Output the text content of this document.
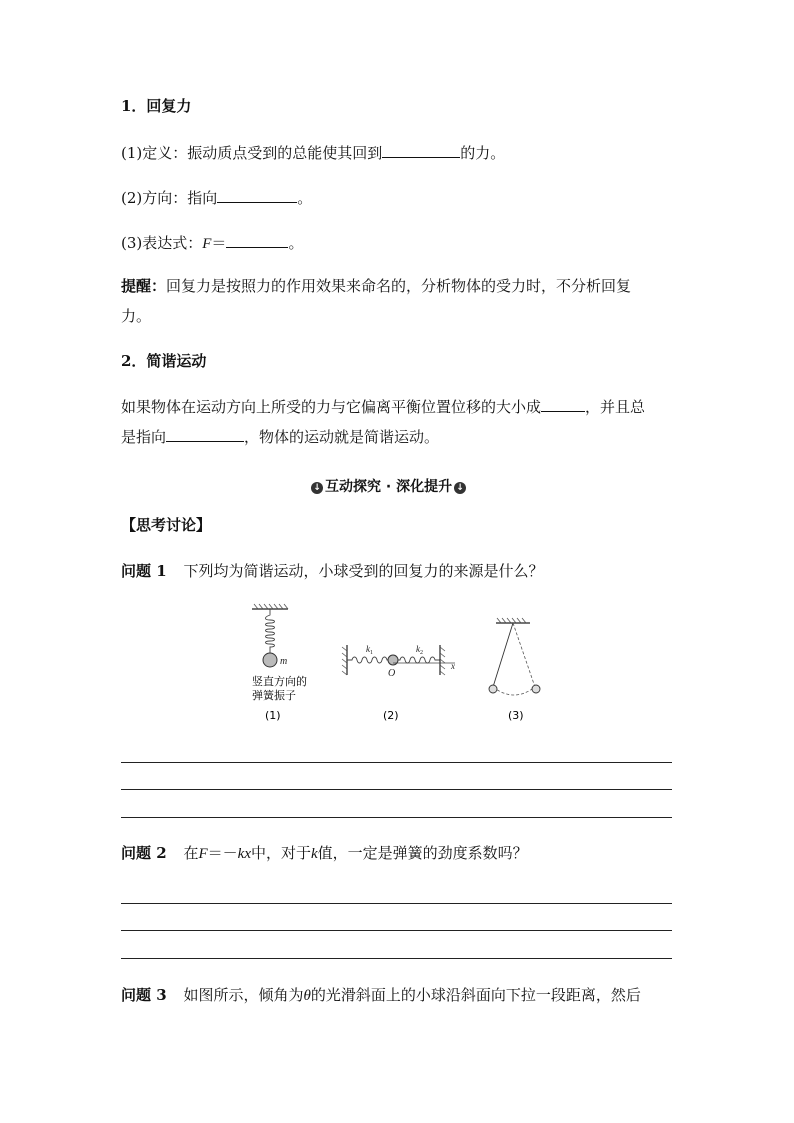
1．回复力
(1)定义：振动质点受到的总能使其回到	的力。
(2)方向：指向	。
(3)表达式：F＝	。
提醒：回复力是按照力的作用效果来命名的，分析物体的受力时，不分析回复
力。
2．简谐运动
如果物体在运动方向上所受的力与它偏离平衡位置位移的大小成	，并且总
是指向	，物体的运动就是简谐运动。
↓ 互动探究 · 深化提升 ↓
【思考讨论】
问题 1 下列均为简谐运动，小球受到的回复力的来源是什么？
m
竖直方向的
弹簧振子
(1)
$k_1$	$k_2$
O
x
(2)	(3)
问题 2 在F＝－kx中，对于k值，一定是弹簧的劲度系数吗？
问题 3 如图所示，倾角为θ的光滑斜面上的小球沿斜面向下拉一段距离，然后
